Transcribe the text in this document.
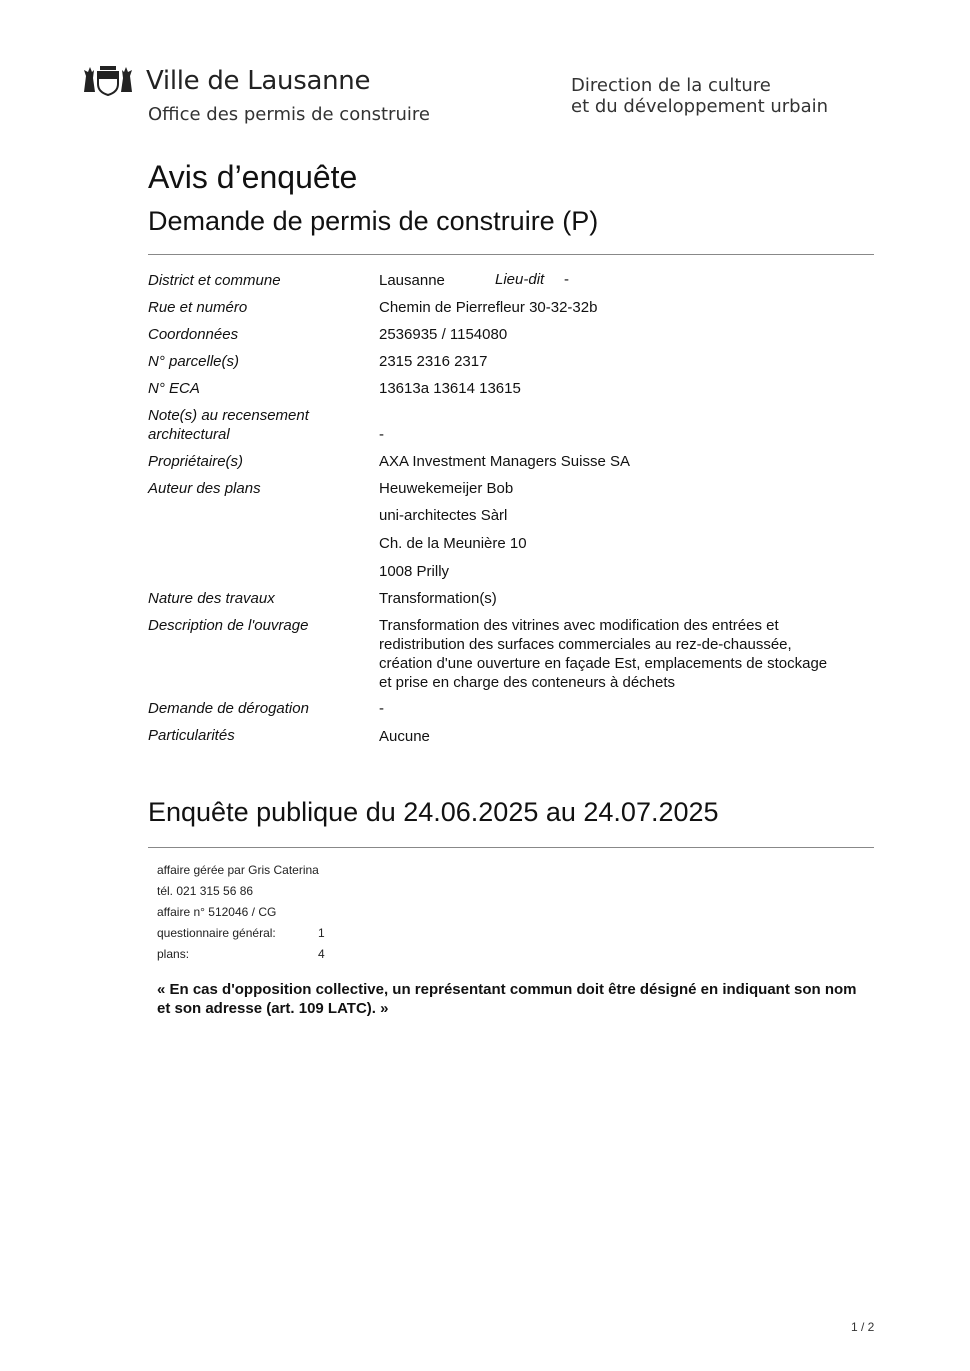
Ville de Lausanne
Office des permis de construire
Direction de la culture
et du développement urbain
Avis d’enquête
Demande de permis de construire (P)
District et commune	Lausanne	Lieu-dit -
Rue et numéro	Chemin de Pierrefleur 30-32-32b
Coordonnées	2536935 / 1154080
N° parcelle(s)	2315 2316 2317
N° ECA	13613a 13614 13615
Note(s) au recensement
architectural	-
Propriétaire(s)	AXA Investment Managers Suisse SA
Auteur des plans	Heuwekemeijer Bob
uni-architectes Sàrl
Ch. de la Meunière 10
1008 Prilly
Nature des travaux	Transformation(s)
Description de l'ouvrage	Transformation des vitrines avec modification des entrées et
redistribution des surfaces commerciales au rez-de-chaussée,
création d'une ouverture en façade Est, emplacements de stockage
et prise en charge des conteneurs à déchets
Demande de dérogation	-
Particularités	Aucune
Enquête publique du 24.06.2025 au 24.07.2025
affaire gérée par Gris Caterina
tél. 021 315 56 86
affaire n° 512046 / CG
questionnaire général:	1
plans:	4
« En cas d'opposition collective, un représentant commun doit être désigné en indiquant son nom et son adresse (art. 109 LATC). »
1 / 2
